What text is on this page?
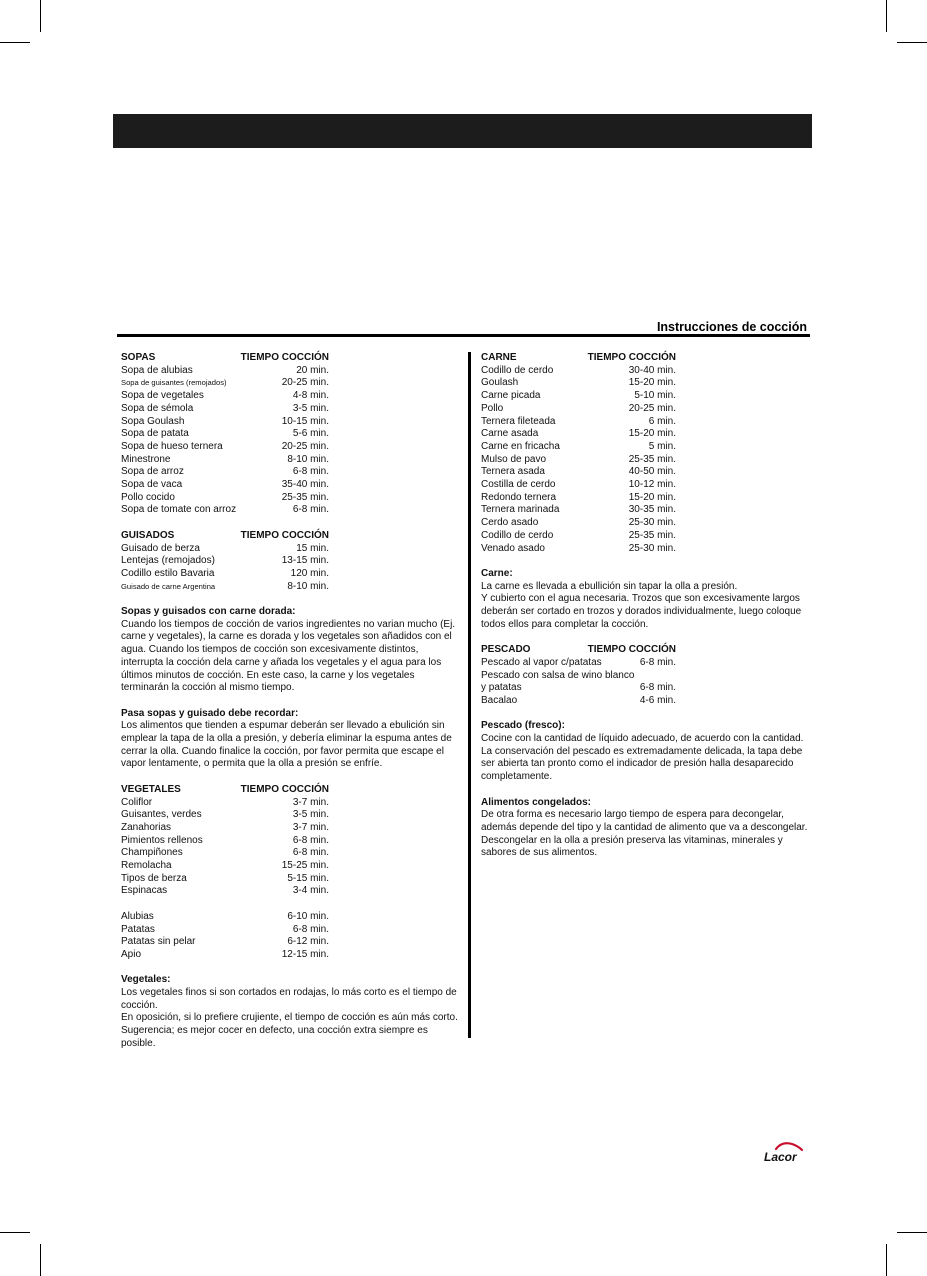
Instrucciones de cocción
SOPAS	TIEMPO COCCIÓN
Sopa de alubias	20 min.
Sopa de guisantes (remojados)	20-25 min.
Sopa de vegetales	4-8 min.
Sopa de sémola	3-5 min.
Sopa Goulash	10-15 min.
Sopa de patata	5-6 min.
Sopa de hueso ternera	20-25 min.
Minestrone	8-10 min.
Sopa de arroz	6-8 min.
Sopa de vaca	35-40 min.
Pollo cocido	25-35 min.
Sopa de tomate con arroz	6-8 min.
GUISADOS	TIEMPO COCCIÓN
Guisado de berza	15 min.
Lentejas (remojados)	13-15 min.
Codillo estilo Bavaria	120 min.
Guisado de carne Argentina	8-10 min.

Sopas y guisados con carne dorada:

Cuando los tiempos de cocción de varios ingredientes no varian mucho (Ej. carne y vegetales), la carne es dorada y los vegetales son añadidos con el agua. Cuando los tiempos de cocción son excesivamente distintos, interrupta la cocción dela carne y añada los vegetales y el agua para los últimos minutos de cocción. En este caso, la carne y los vegetales terminarán la cocción al mismo tiempo.

Pasa sopas y guisado debe recordar:

Los alimentos que tienden a espumar deberán ser llevado a ebulición sin emplear la tapa de la olla a presión, y debería eliminar la espuma antes de cerrar la olla. Cuando finalice la cocción, por favor permita que escape el vapor lentamente, o permita que la olla a presión se enfríe.

VEGETALES	TIEMPO COCCIÓN
Coliflor	3-7 min.
Guisantes, verdes	3-5 min.
Zanahorias	3-7 min.
Pimientos rellenos	6-8 min.
Champiñones	6-8 min.
Remolacha	15-25 min.
Tipos de berza	5-15 min.
Espinacas	3-4 min.
Alubias	6-10 min.
Patatas	6-8 min.
Patatas sin pelar	6-12 min.
Apio	12-15 min.

Vegetales:

Los vegetales finos si son cortados en rodajas, lo más corto es el tiempo de cocción.

En oposición, si lo prefiere crujiente, el tiempo de cocción es aún más corto.

Sugerencia; es mejor cocer en defecto, una cocción extra siempre es posible.

CARNE	TIEMPO COCCIÓN
Codillo de cerdo	30-40 min.
Goulash	15-20 min.
Carne picada	5-10 min.
Pollo	20-25 min.
Ternera fileteada	6 min.
Carne asada	15-20 min.
Carne en fricacha	5 min.
Mulso de pavo	25-35 min.
Ternera asada	40-50 min.
Costilla de cerdo	10-12 min.
Redondo ternera	15-20 min.
Ternera marinada	30-35 min.
Cerdo asado	25-30 min.
Codillo de cerdo	25-35 min.
Venado asado	25-30 min.

Carne:

La carne es llevada a ebullición sin tapar la olla a presión.

Y cubierto con el agua necesaria. Trozos que son excesivamente largos deberán ser cortado en trozos y dorados individualmente, luego coloque todos ellos para completar la cocción.

PESCADO	TIEMPO COCCIÓN
Pescado al vapor c/patatas	6-8 min.
Pescado con salsa de wino blanco
y patatas	6-8 min.
Bacalao	4-6 min.

Pescado (fresco):

Cocine con la cantidad de líquido adecuado, de acuerdo con la cantidad. La conservación del pescado es extremadamente delicada, la tapa debe ser abierta tan pronto como el indicador de presión halla desaparecido completamente.

Alimentos congelados:

De otra forma es necesario largo tiempo de espera para decongelar, además depende del tipo y la cantidad de alimento que va a descongelar. Descongelar en la olla a presión preserva las vitaminas, minerales y sabores de sus alimentos.

Lacor
